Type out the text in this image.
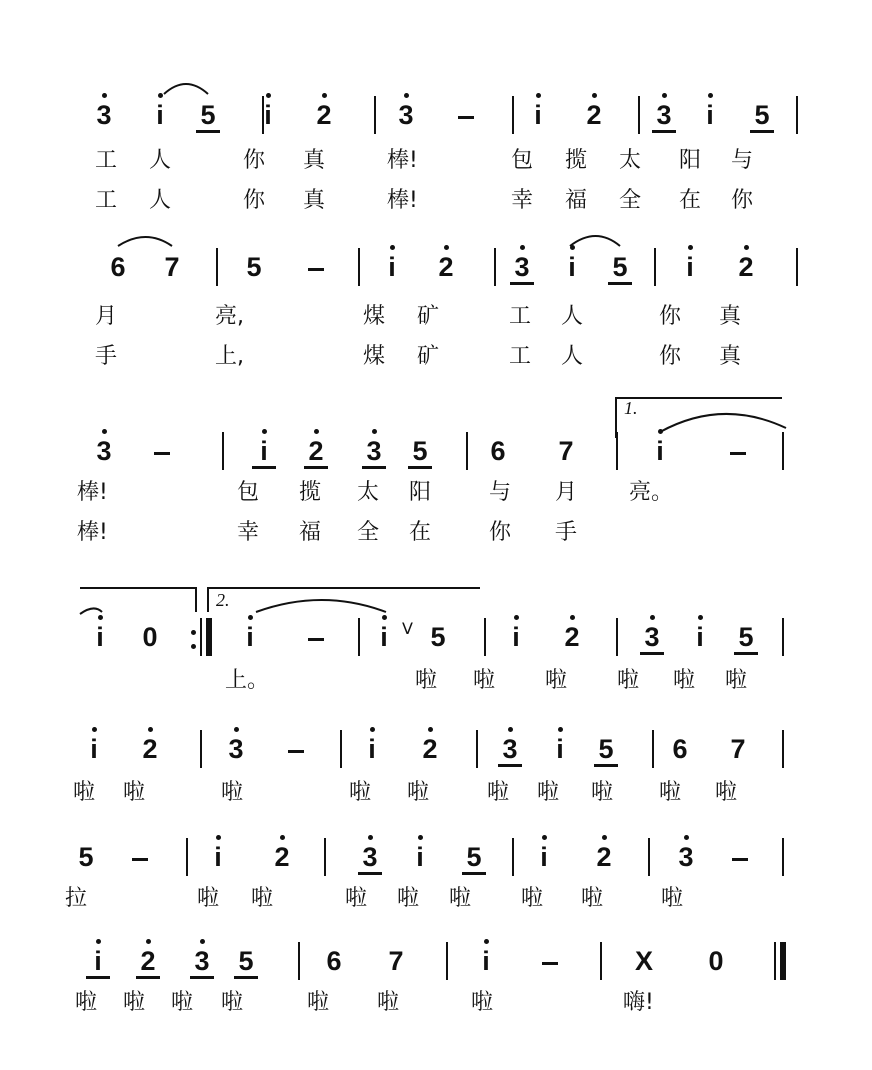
3	i	5	i	2 3	i	2 3	i	5
工 人	你 真	棒!	包 揽 太 阳 与
工 人	你 真	棒!	幸 福 全 在 你
6 7 5	i	2 3	i	5	i	2
月	亮,	煤 矿	工 人	你 真
手	上,	煤 矿	工 人	你 真
3	i	2 3 5 6 7	i
棒!	包 揽 太 阳	与 月 亮。
棒!	幸 福 全 在	你 手
1.
i	0	i	i	5
V	i	2 3	i	5
上。	啦 啦 啦 啦 啦 啦
2.
i	2	3	i	2 3	i	5 6 7
啦 啦	啦	啦 啦	啦 啦 啦 啦 啦
5	i	2	3	i	5	i	2 3
拉	啦 啦	啦 啦 啦 啦 啦	啦
i	2 3 5	6 7	i	X 0
啦 啦 啦 啦	啦 啦	啦	嗨!
